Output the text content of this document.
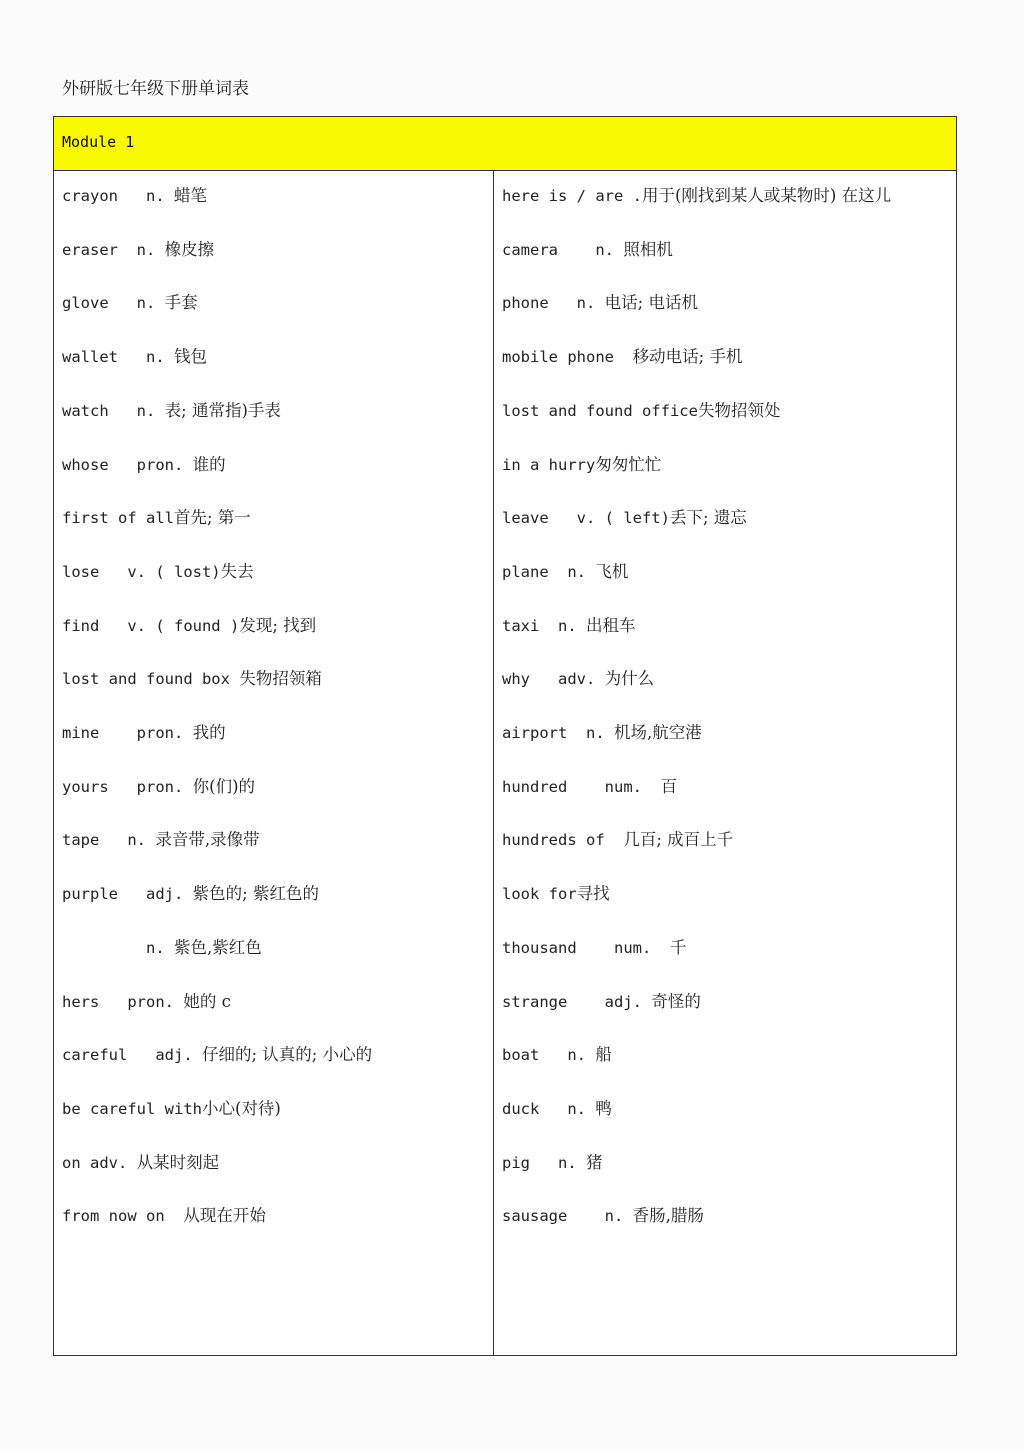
外研版七年级下册单词表
Module 1
crayon   n. 蜡笔
eraser  n. 橡皮擦
glove   n. 手套
wallet   n. 钱包
watch   n. 表; 通常指)手表
whose   pron. 谁的
first of all首先; 第一
lose   v. ( lost)失去
find   v. ( found )发现; 找到
lost and found box 失物招领箱
mine    pron. 我的
yours   pron. 你(们)的
tape   n. 录音带,录像带
purple   adj. 紫色的; 紫红色的
n. 紫色,紫红色
hers   pron. 她的 c
careful   adj. 仔细的; 认真的; 小心的
be careful with小心(对待)
on adv. 从某时刻起
from now on  从现在开始
here is / are .用于(刚找到某人或某物时) 在这儿
camera    n. 照相机
phone   n. 电话; 电话机
mobile phone  移动电话; 手机
lost and found office失物招领处
in a hurry匆匆忙忙
leave   v. ( left)丢下; 遗忘
plane  n. 飞机
taxi  n. 出租车
why   adv. 为什么
airport  n. 机场,航空港
hundred    num.  百
hundreds of  几百; 成百上千
look for寻找
thousand    num.  千
strange    adj. 奇怪的
boat   n. 船
duck   n. 鸭
pig   n. 猪
sausage    n. 香肠,腊肠
